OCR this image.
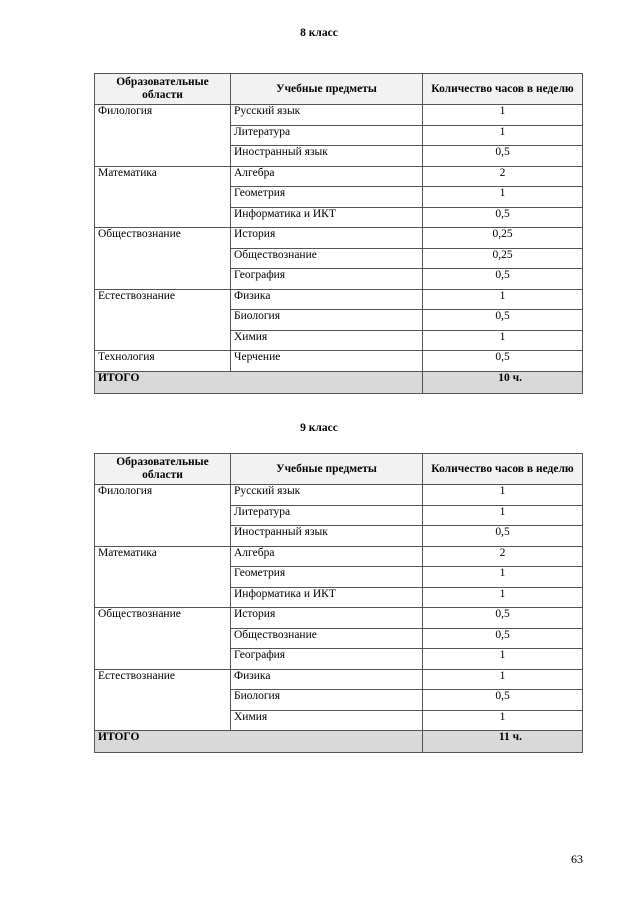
8 класс
Образовательные области	Учебные предметы	Количество часов в неделю
Филология	Русский язык	1
	Литература	1
	Иностранный язык	0,5
Математика	Алгебра	2
	Геометрия	1
	Информатика и ИКТ	0,5
Обществознание	История	0,25
	Обществознание	0,25
	География	0,5
Естествознание	Физика	1
	Биология	0,5
	Химия	1
Технология	Черчение	0,5
ИТОГО		10 ч.
9 класс
Образовательные области	Учебные предметы	Количество часов в неделю
Филология	Русский язык	1
	Литература	1
	Иностранный язык	0,5
Математика	Алгебра	2
	Геометрия	1
	Информатика и ИКТ	1
Обществознание	История	0,5
	Обществознание	0,5
	География	1
Естествознание	Физика	1
	Биология	0,5
	Химия	1
ИТОГО		11 ч.
63
